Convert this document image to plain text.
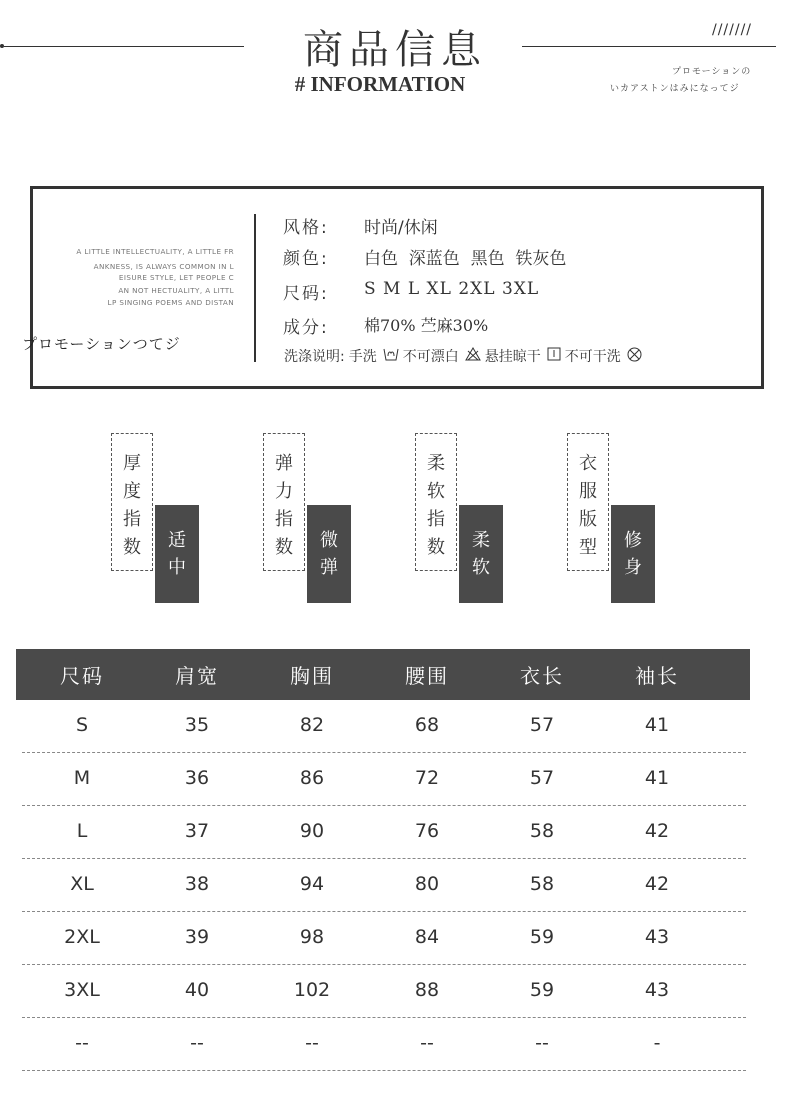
///////
商品信息
# INFORMATION	プロモーションの
いカアストンはみになってジ
A LITTLE INTELLECTUALITY, A LITTLE FR
ANKNESS, IS ALWAYS COMMON IN L
EISURE STYLE, LET PEOPLE C
AN NOT HECTUALITY, A LITTL
LP SINGING POEMS AND DISTAN
プロモーションつてジ
风格: 时尚/休闲
颜色: 白色  深蓝色  黑色  铁灰色
尺码: S M L XL 2XL 3XL
成分: 棉70% 苎麻30%
洗涤说明: 手洗 不可漂白 悬挂晾干 不可干洗
厚度指数	适中
弹力指数	微弹
柔软指数	柔软
衣服版型	修身
尺码	肩宽	胸围	腰围	衣长	袖长
S	35	82	68	57	41
M	36	86	72	57	41
L	37	90	76	58	42
XL	38	94	80	58	42
2XL	39	98	84	59	43
3XL	40	102	88	59	43
--	--	--	--	--	-
